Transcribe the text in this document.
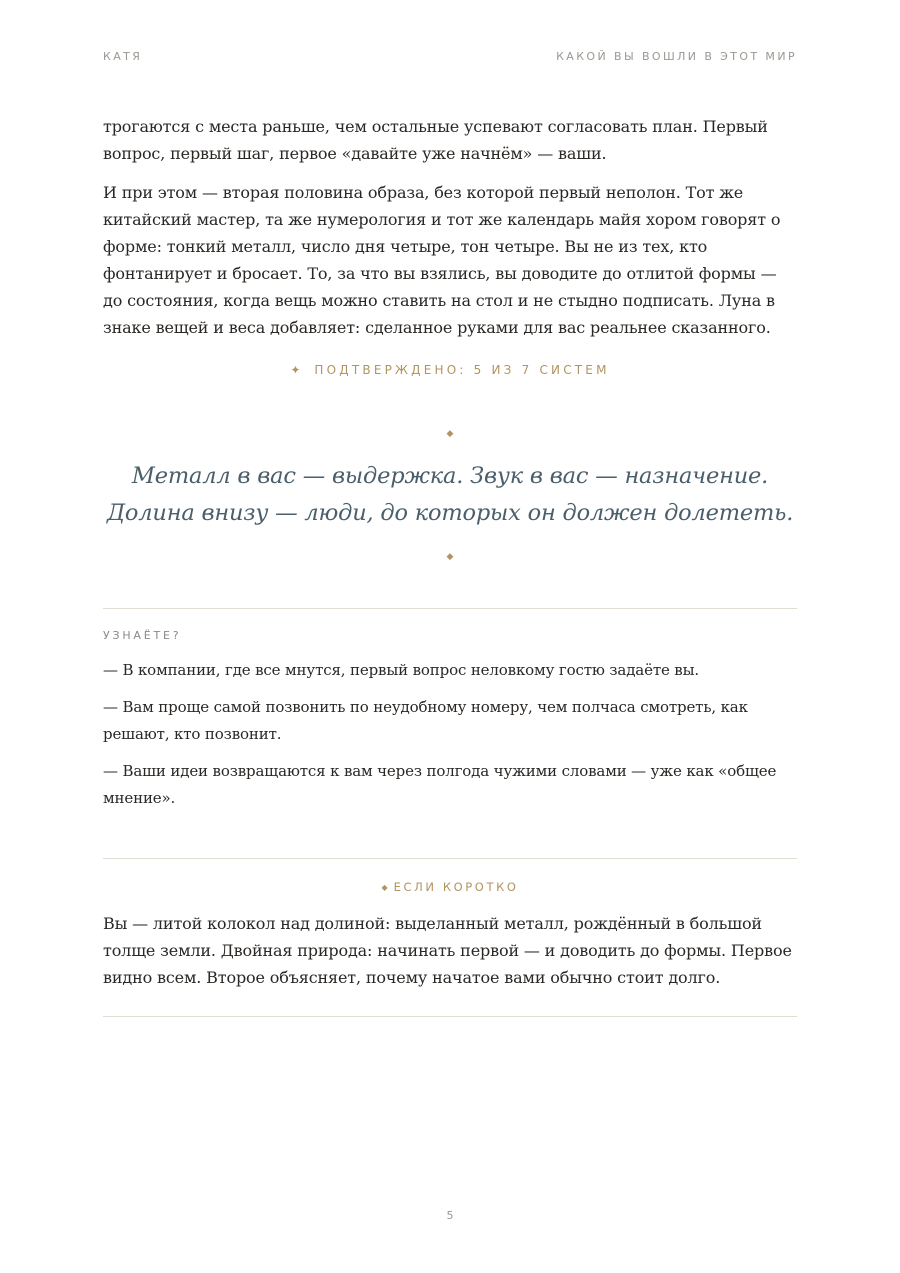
КАТЯ	КАКОЙ ВЫ ВОШЛИ В ЭТОТ МИР

трогаются с места раньше, чем остальные успевают согласовать план. Первый вопрос, первый шаг, первое «давайте уже начнём» — ваши.

И при этом — вторая половина образа, без которой первый неполон. Тот же китайский мастер, та же нумерология и тот же календарь майя хором говорят о форме: тонкий металл, число дня четыре, тон четыре. Вы не из тех, кто фонтанирует и бросает. То, за что вы взялись, вы доводите до отлитой формы — до состояния, когда вещь можно ставить на стол и не стыдно подписать. Луна в знаке вещей и веса добавляет: сделанное руками для вас реальнее сказанного.

✦ ПОДТВЕРЖДЕНО: 5 ИЗ 7 СИСТЕМ
◆
Металл в вас — выдержка. Звук в вас — назначение.
Долина внизу — люди, до которых он должен долететь.
◆
УЗНАЁТЕ?

— В компании, где все мнутся, первый вопрос неловкому гостю задаёте вы.

— Вам проще самой позвонить по неудобному номеру, чем полчаса смотреть, как решают, кто позвонит.

— Ваши идеи возвращаются к вам через полгода чужими словами — уже как «общее мнение».

◆ ЕСЛИ КОРОТКО

Вы — литой колокол над долиной: выделанный металл, рождённый в большой толще земли. Двойная природа: начинать первой — и доводить до формы. Первое видно всем. Второе объясняет, почему начатое вами обычно стоит долго.

5
